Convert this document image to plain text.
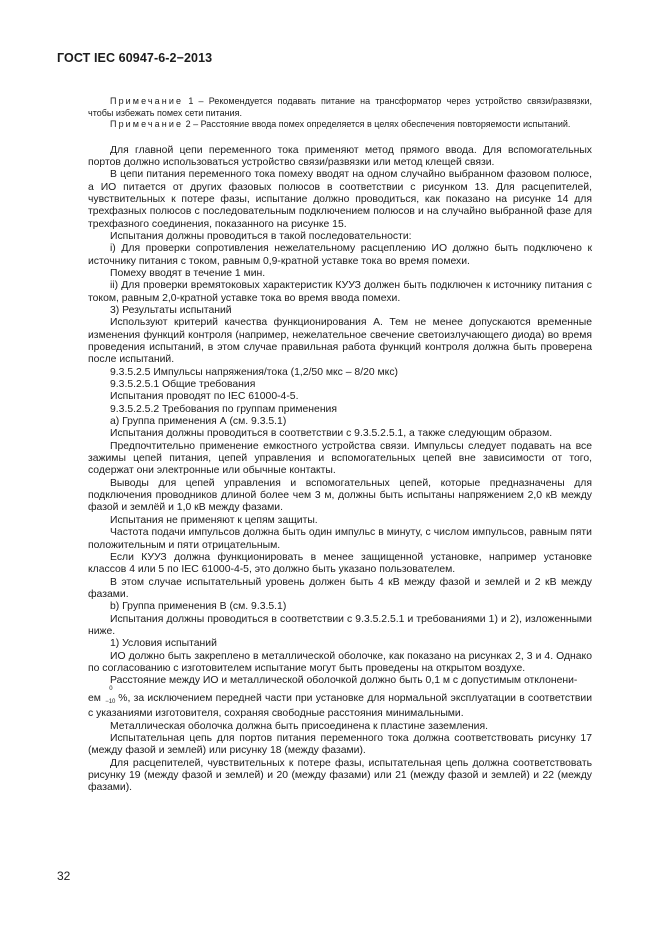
ГОСТ IEC 60947-6-2−2013

Примечание 1 – Рекомендуется подавать питание на трансформатор через устройство связи/развязки, чтобы избежать помех сети питания.

Примечание 2 – Расстояние ввода помех определяется в целях обеспечения повторяемости испытаний.

Для главной цепи переменного тока применяют метод прямого ввода. Для вспомогательных портов должно использоваться устройство связи/развязки или метод клещей связи.

В цепи питания переменного тока помеху вводят на одном случайно выбранном фазовом полюсе, а ИО питается от других фазовых полюсов в соответствии с рисунком 13. Для расцепителей, чувствительных к потере фазы, испытание должно проводиться, как показано на рисунке 14 для трехфазных полюсов с последовательным подключением полюсов и на случайно выбранной фазе для трехфазного соединения, показанного на рисунке 15.

Испытания должны проводиться в такой последовательности:

i) Для проверки сопротивления нежелательному расцеплению ИО должно быть подключено к источнику питания с током, равным 0,9-кратной уставке тока во время помехи.

Помеху вводят в течение 1 мин.

ii) Для проверки времятоковых характеристик КУУЗ должен быть подключен к источнику питания с током, равным 2,0-кратной уставке тока во время ввода помехи.

3) Результаты испытаний

Используют критерий качества функционирования А. Тем не менее допускаются временные изменения функций контроля (например, нежелательное свечение светоизлучающего диода) во время проведения испытаний, в этом случае правильная работа функций контроля должна быть проверена после испытаний.

9.3.5.2.5 Импульсы напряжения/тока (1,2/50 мкс – 8/20 мкс)

9.3.5.2.5.1 Общие требования

Испытания проводят по IEC 61000-4-5.

9.3.5.2.5.2 Требования по группам применения

а) Группа применения А (см. 9.3.5.1)

Испытания должны проводиться в соответствии с 9.3.5.2.5.1, а также следующим образом.

Предпочтительно применение емкостного устройства связи. Импульсы следует подавать на все зажимы цепей питания, цепей управления и вспомогательных цепей вне зависимости от того, содержат они электронные или обычные контакты.

Выводы для цепей управления и вспомогательных цепей, которые предназначены для подключения проводников длиной более чем 3 м, должны быть испытаны напряжением 2,0 кВ между фазой и землёй и 1,0 кВ между фазами.

Испытания не применяют к цепям защиты.

Частота подачи импульсов должна быть один импульс в минуту, с числом импульсов, равным пяти положительным и пяти отрицательным.

Если КУУЗ должна функционировать в менее защищенной установке, например установке классов 4 или 5 по IEC 61000-4-5, это должно быть указано пользователем.

В этом случае испытательный уровень должен быть 4 кВ между фазой и землей и 2 кВ между фазами.

b) Группа применения В (см. 9.3.5.1)

Испытания должны проводиться в соответствии с 9.3.5.2.5.1 и требованиями 1) и 2), изложенными ниже.

1) Условия испытаний

ИО должно быть закреплено в металлической оболочке, как показано на рисунках 2, 3 и 4. Однако по согласованию с изготовителем испытание могут быть проведены на открытом воздухе.

Расстояние между ИО и металлической оболочкой должно быть 0,1 м с допустимым отклонени-

ем
0
−10 %, за исключением передней части при установке для нормальной эксплуатации в соответствии с указаниями изготовителя, сохраняя свободные расстояния минимальными.

Металлическая оболочка должна быть присоединена к пластине заземления.

Испытательная цепь для портов питания переменного тока должна соответствовать рисунку 17 (между фазой и землей) или рисунку 18 (между фазами).

Для расцепителей, чувствительных к потере фазы, испытательная цепь должна соответствовать рисунку 19 (между фазой и землей) и 20 (между фазами) или 21 (между фазой и землей) и 22 (между фазами).

32
